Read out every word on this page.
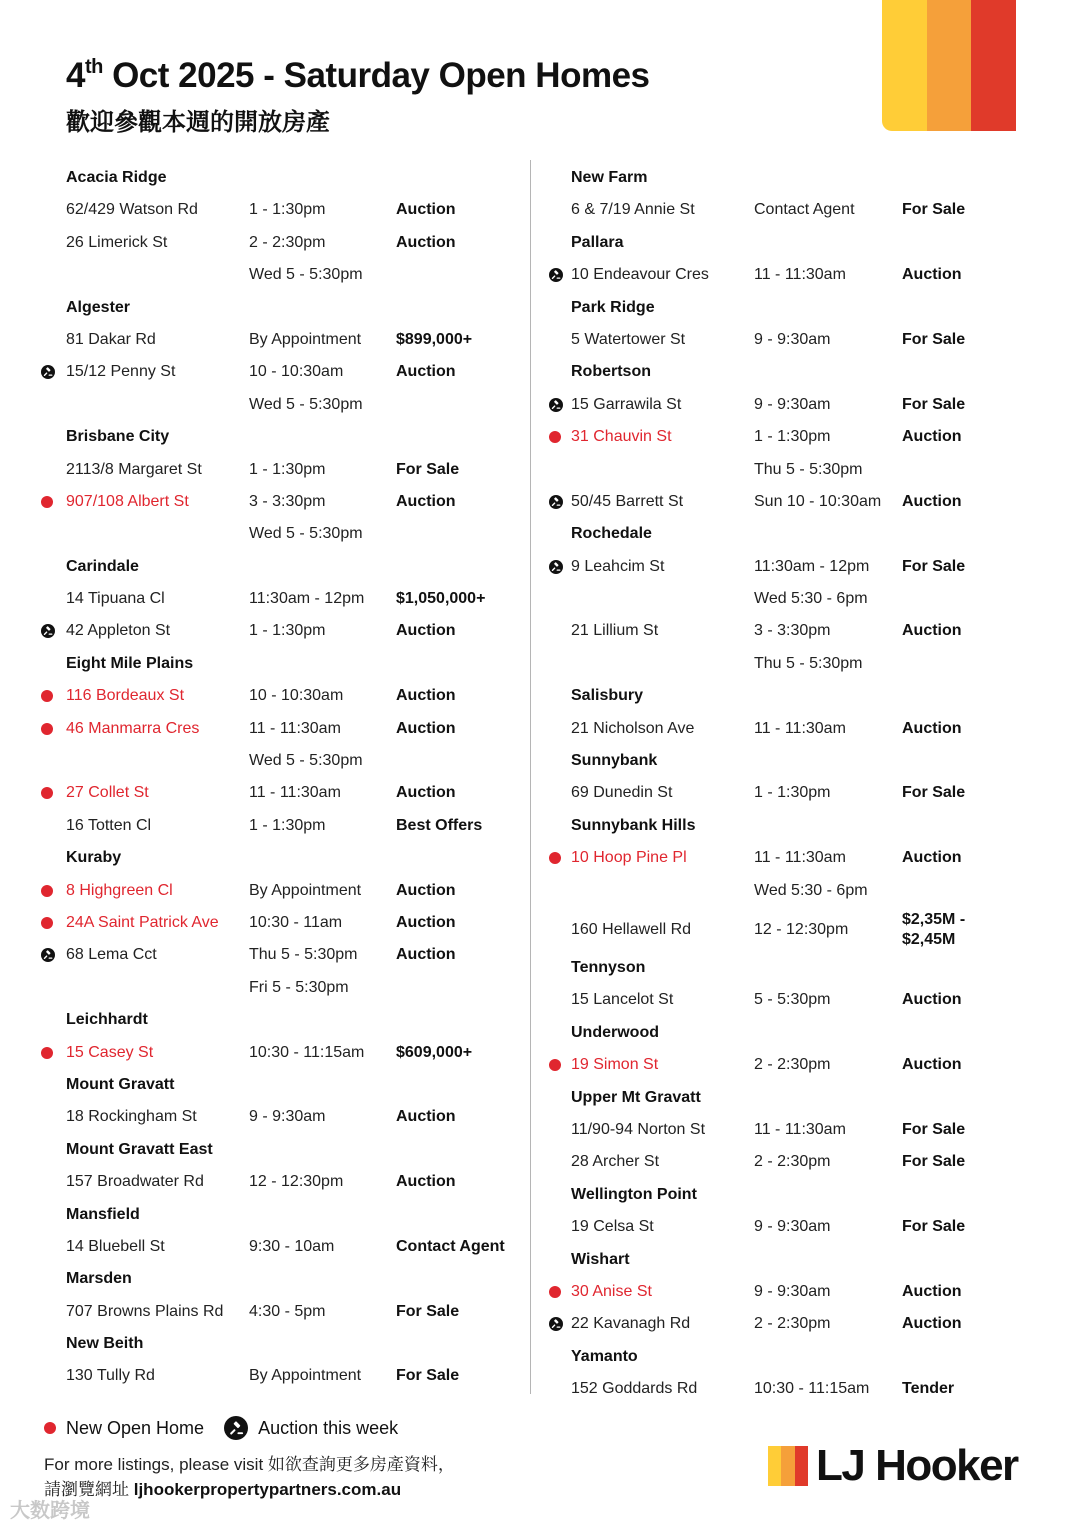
4th Oct 2025 - Saturday Open Homes
歡迎參觀本週的開放房產
Acacia Ridge
62/429 Watson Rd	1 - 1:30pm	Auction
26 Limerick St	2 - 2:30pm	Auction
Wed 5 - 5:30pm
Algester
81 Dakar Rd	By Appointment $899,000+
15/12 Penny St	10 - 10:30am	Auction
Wed 5 - 5:30pm
Brisbane City
2113/8 Margaret St	1 - 1:30pm	For Sale
907/108 Albert St	3 - 3:30pm	Auction
Wed 5 - 5:30pm
Carindale
14 Tipuana Cl	11:30am - 12pm $1,050,000+
42 Appleton St	1 - 1:30pm	Auction
Eight Mile Plains
116 Bordeaux St	10 - 10:30am	Auction
46 Manmarra Cres	11 - 11:30am	Auction
Wed 5 - 5:30pm
27 Collet St	11 - 11:30am	Auction
16 Totten Cl	1 - 1:30pm	Best Offers
Kuraby
8 Highgreen Cl	By Appointment Auction
24A Saint Patrick Ave 10:30 - 11am	Auction
68 Lema Cct	Thu 5 - 5:30pm Auction
Fri 5 - 5:30pm
Leichhardt
15 Casey St	10:30 - 11:15am $609,000+
Mount Gravatt
18 Rockingham St	9 - 9:30am	Auction
Mount Gravatt East
157 Broadwater Rd	12 - 12:30pm	Auction
Mansfield
14 Bluebell St	9:30 - 10am	Contact Agent
Marsden
707 Browns Plains Rd 4:30 - 5pm	For Sale
New Beith
130 Tully Rd	By Appointment For Sale
New Farm
6 & 7/19 Annie St	Contact Agent	For Sale
Pallara
10 Endeavour Cres	11 - 11:30am	Auction
Park Ridge
5 Watertower St	9 - 9:30am	For Sale
Robertson
15 Garrawila St	9 - 9:30am	For Sale
31 Chauvin St	1 - 1:30pm	Auction
Thu 5 - 5:30pm
50/45 Barrett St	Sun 10 - 10:30am Auction
Rochedale
9 Leahcim St	11:30am - 12pm For Sale
Wed 5:30 - 6pm
21 Lillium St	3 - 3:30pm	Auction
Thu 5 - 5:30pm
Salisbury
21 Nicholson Ave	11 - 11:30am	Auction
Sunnybank
69 Dunedin St	1 - 1:30pm	For Sale
Sunnybank Hills
10 Hoop Pine Pl	11 - 11:30am	Auction
Wed 5:30 - 6pm
160 Hellawell Rd	12 - 12:30pm
$2,35M - $2,45M
Tennyson
15 Lancelot St	5 - 5:30pm	Auction
Underwood
19 Simon St	2 - 2:30pm	Auction
Upper Mt Gravatt
11/90-94 Norton St	11 - 11:30am	For Sale
28 Archer St	2 - 2:30pm	For Sale
Wellington Point
19 Celsa St	9 - 9:30am	For Sale
Wishart
30 Anise St	9 - 9:30am	Auction
22 Kavanagh Rd	2 - 2:30pm	Auction
Yamanto
152 Goddards Rd	10:30 - 11:15am Tender
New Open Home	Auction this week
For more listings, please visit 如欲查詢更多房產資料，
請瀏覽網址 ljhookerpropertypartners.com.au	LJ Hooker
大数跨境
